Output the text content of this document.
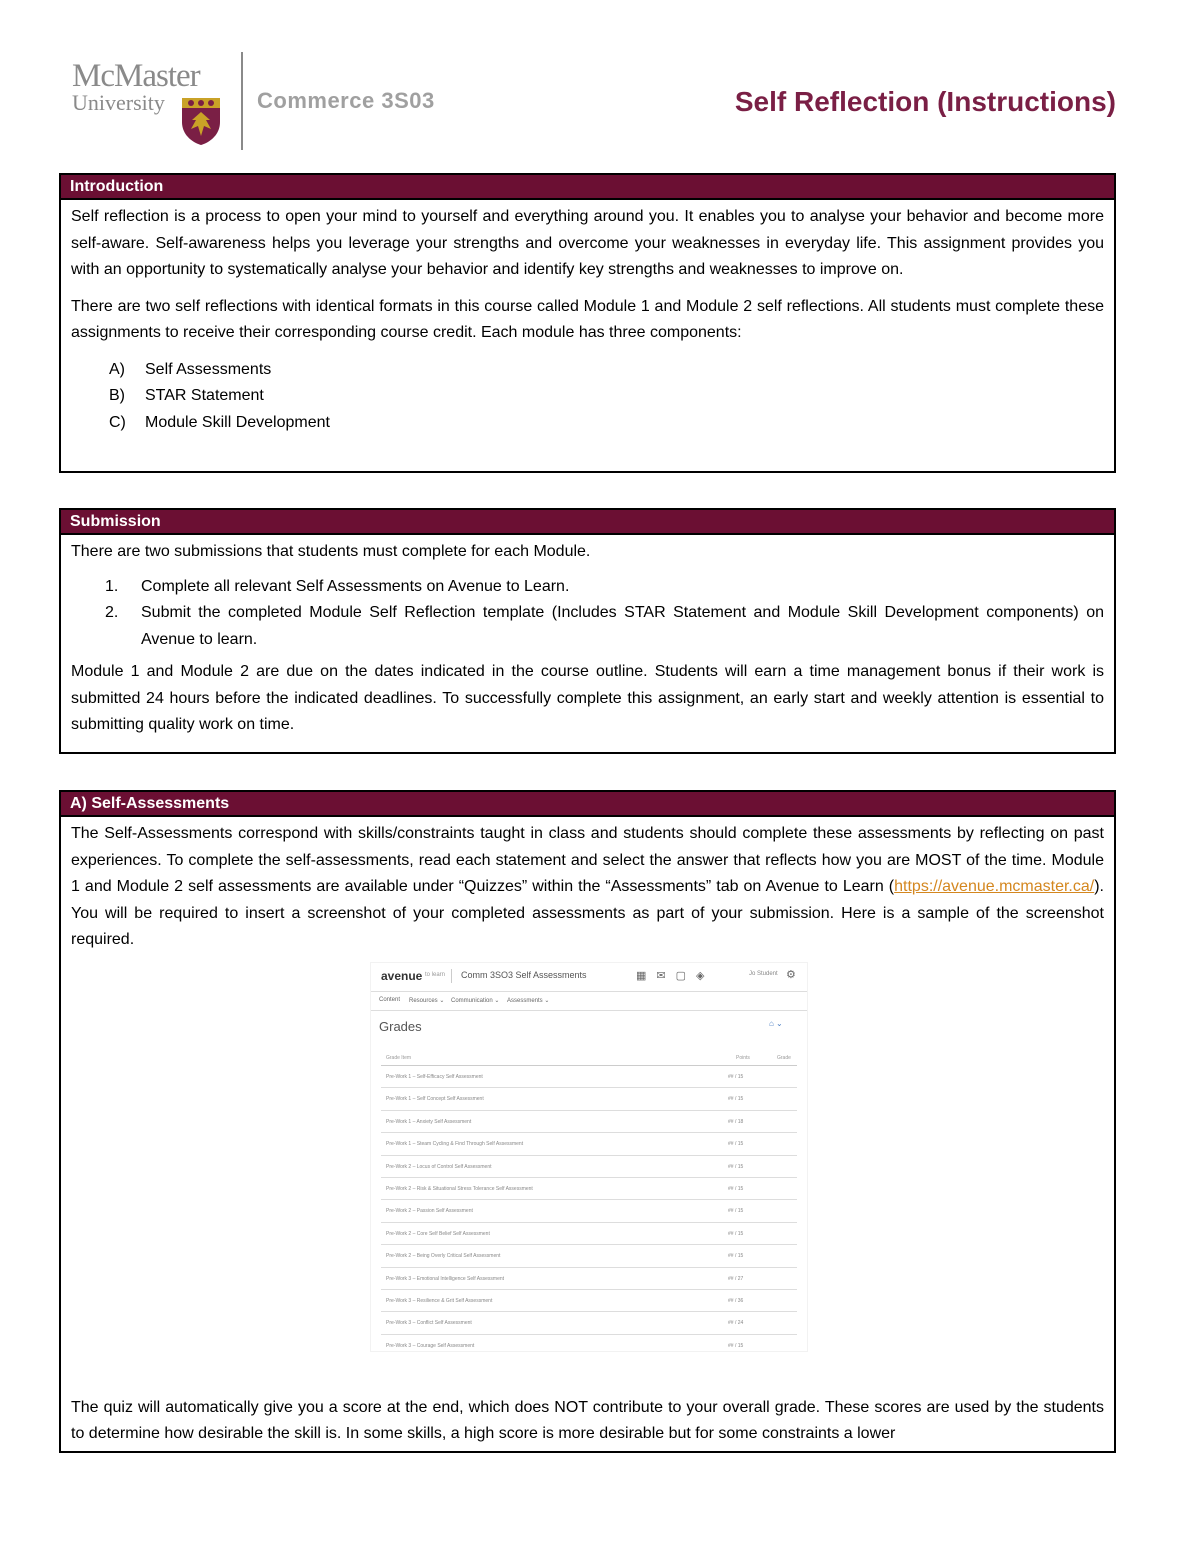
McMaster
University	Commerce 3S03	Self Reflection (Instructions)
Introduction

Self reflection is a process to open your mind to yourself and everything around you. It enables you to analyse your behavior and become more self-aware. Self-awareness helps you leverage your strengths and overcome your weaknesses in everyday life. This assignment provides you with an opportunity to systematically analyse your behavior and identify key strengths and weaknesses to improve on.

There are two self reflections with identical formats in this course called Module 1 and Module 2 self reflections. All students must complete these assignments to receive their corresponding course credit. Each module has three components:

A) Self Assessments
B) STAR Statement
C) Module Skill Development
Submission

There are two submissions that students must complete for each Module.

1. Complete all relevant Self Assessments on Avenue to Learn.
2. Submit the completed Module Self Reflection template (Includes STAR Statement and Module Skill Development components) on Avenue to learn.

Module 1 and Module 2 are due on the dates indicated in the course outline. Students will earn a time management bonus if their work is submitted 24 hours before the indicated deadlines. To successfully complete this assignment, an early start and weekly attention is essential to submitting quality work on time.

A) Self-Assessments

The Self-Assessments correspond with skills/constraints taught in class and students should complete these assessments by reflecting on past experiences. To complete the self-assessments, read each statement and select the answer that reflects how you are MOST of the time. Module 1 and Module 2 self assessments are available under “Quizzes” within the “Assessments” tab on Avenue to Learn (https://avenue.mcmaster.ca/). You will be required to insert a screenshot of your completed assessments as part of your submission. Here is a sample of the screenshot required.

The quiz will automatically give you a score at the end, which does NOT contribute to your overall grade. These scores are used by the students to determine how desirable the skill is. In some skills, a high score is more desirable but for some constraints a lower

avenue to learn Comm 3SO3 Self Assessments	▦✉▢◈	Jo Student ⚙
Content Resources ⌄ Communication ⌄ Assessments ⌄
Grades	⌂ ⌄
Grade Item	Points	Grade
Pre-Work 1 – Self-Efficacy Self Assessment	## / 15
Pre-Work 1 – Self Concept Self Assessment	## / 15
Pre-Work 1 – Anxiety Self Assessment	## / 18
Pre-Work 1 – Steam Cycling & Find Through Self Assessment	## / 15
Pre-Work 2 – Locus of Control Self Assessment	## / 15
Pre-Work 2 – Risk & Situational Stress Tolerance Self Assessment	## / 15
Pre-Work 2 – Passion Self Assessment	## / 15
Pre-Work 2 – Core Self Belief Self Assessment	## / 15
Pre-Work 2 – Being Overly Critical Self Assessment	## / 15
Pre-Work 3 – Emotional Intelligence Self Assessment	## / 27
Pre-Work 3 – Resilience & Grit Self Assessment	## / 36
Pre-Work 3 – Conflict Self Assessment	## / 24
Pre-Work 3 – Courage Self Assessment	## / 15
